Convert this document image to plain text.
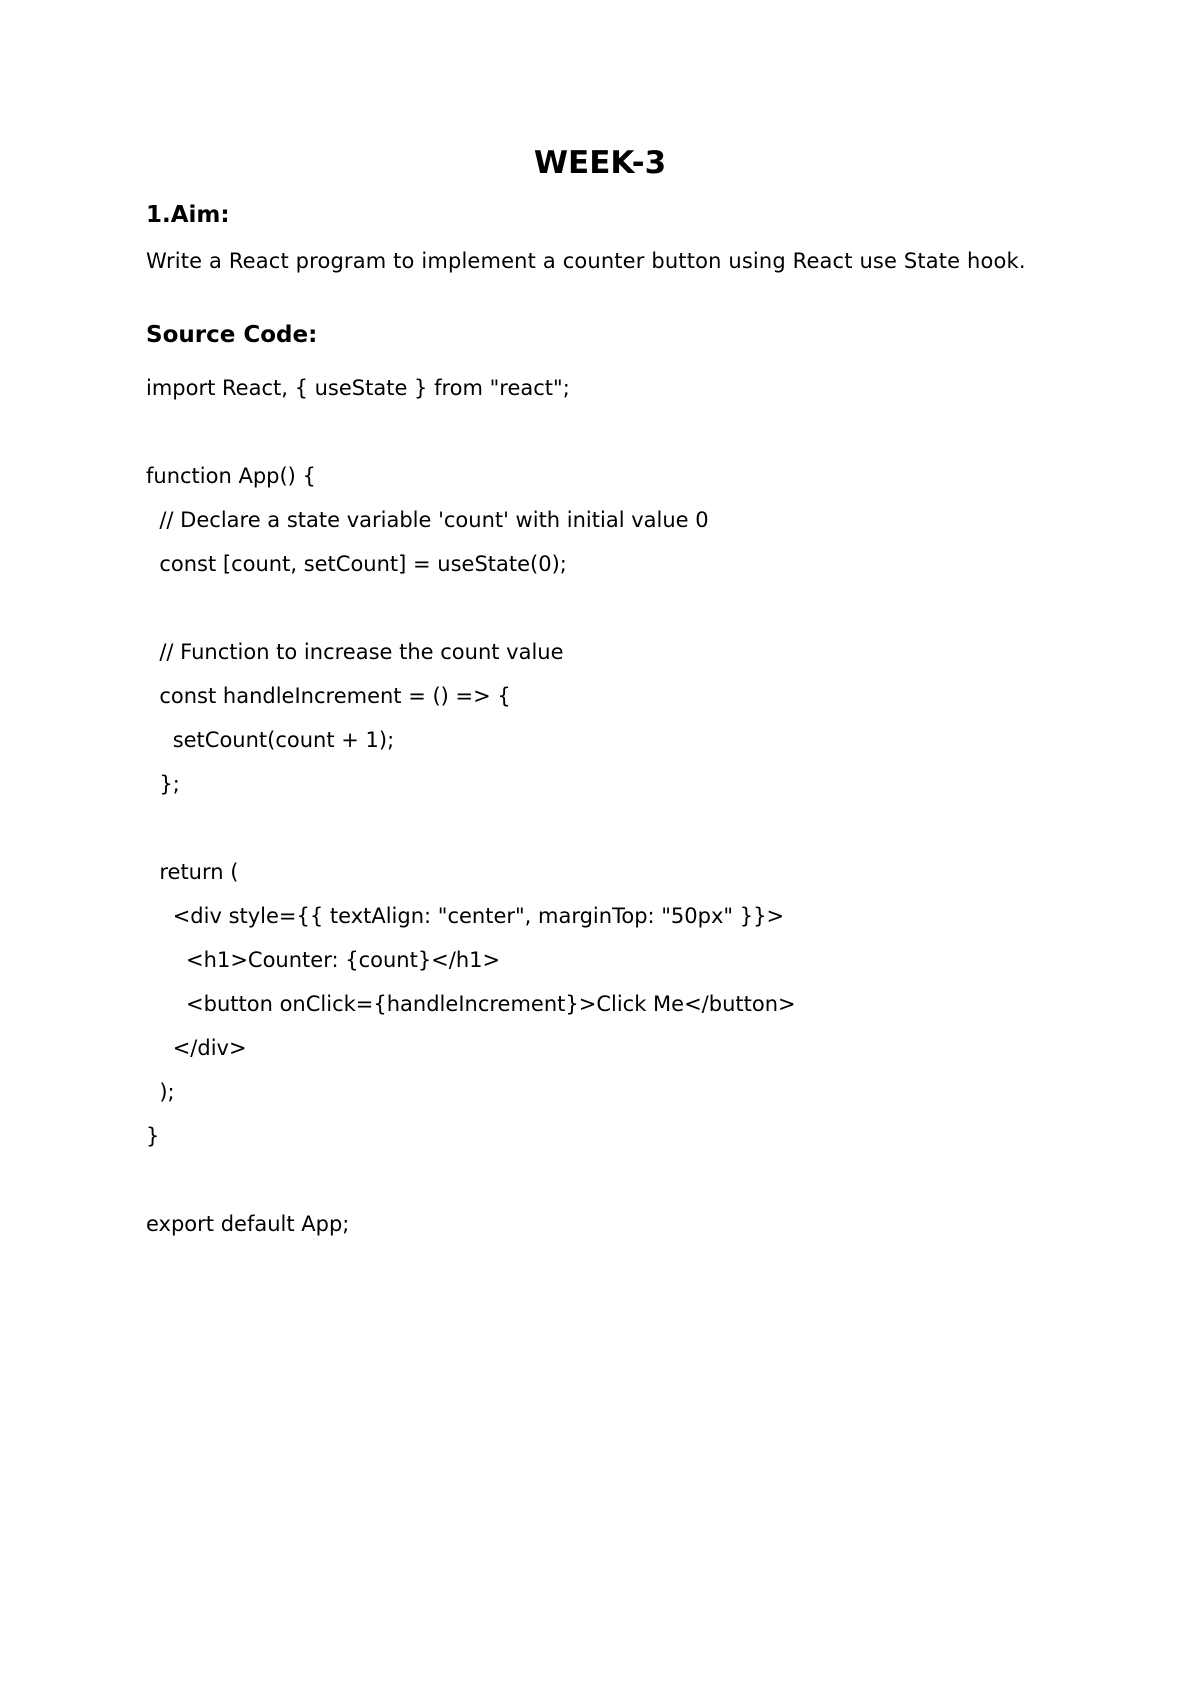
WEEK-3
1.Aim:

Write a React program to implement a counter button using React use State hook.

Source Code:
import React, { useState } from "react";
function App() {
// Declare a state variable 'count' with initial value 0
const [count, setCount] = useState(0);
// Function to increase the count value
const handleIncrement = () => {
setCount(count + 1);
};
return (
<div style={{ textAlign: "center", marginTop: "50px" }}>
<h1>Counter: {count}</h1>
<button onClick={handleIncrement}>Click Me</button>
</div>
);
}
export default App;
